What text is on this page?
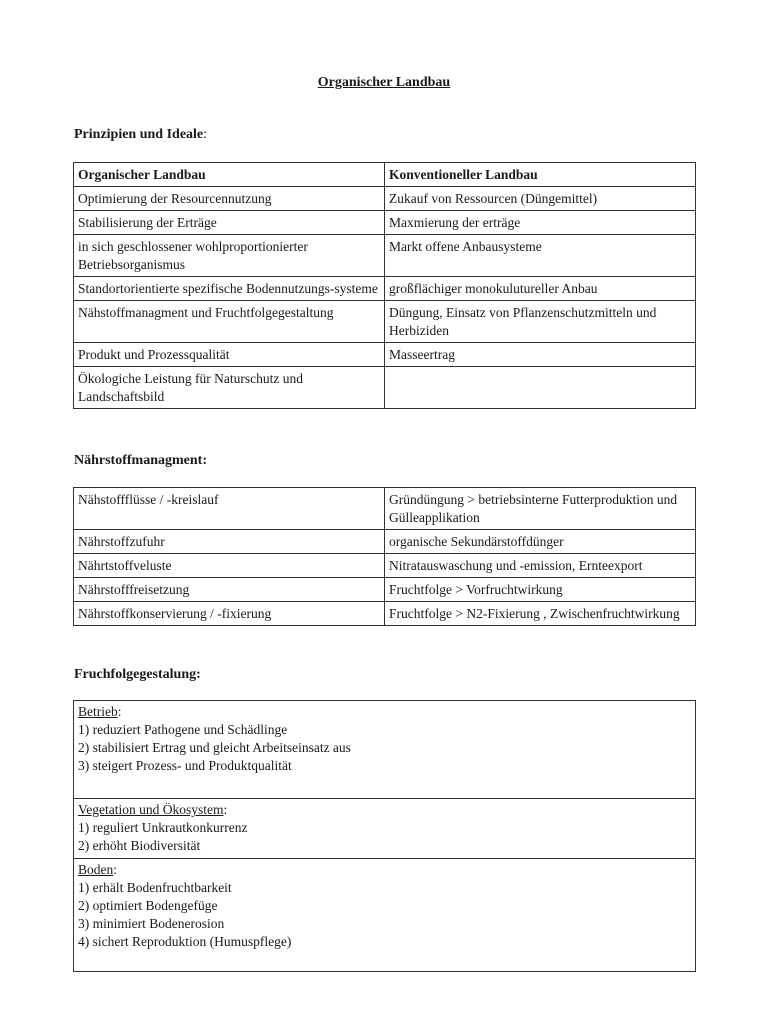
Organischer Landbau
Prinzipien und Ideale:
Organischer Landbau	Konventioneller Landbau
Optimierung der Resourcennutzung	Zukauf von Ressourcen (Düngemittel)
Stabilisierung der Erträge	Maxmierung der erträge
in sich geschlossener wohlproportionierter Betriebsorganismus	Markt offene Anbausysteme
Standortorientierte spezifische Bodennutzungs-systeme	großflächiger monokulutureller Anbau
Nähstoffmanagment und Fruchtfolgegestaltung	Düngung, Einsatz von Pflanzenschutzmitteln und Herbiziden
Produkt und Prozessqualität	Masseertrag
Ökologiche Leistung für Naturschutz und Landschaftsbild	
Nährstoffmanagment:
Nähstoffflüsse / -kreislauf	Gründüngung > betriebsinterne Futterproduktion und Gülleapplikation
Nährstoffzufuhr	organische Sekundärstoffdünger
Nährtstoffveluste	Nitratauswaschung und -emission, Ernteexport
Nährstofffreisetzung	Fruchtfolge > Vorfruchtwirkung
Nährstoffkonservierung / -fixierung	Fruchtfolge > N2-Fixierung , Zwischenfruchtwirkung
Fruchfolgegestalung:
Betrieb:
1) reduziert Pathogene und Schädlinge
2) stabilisiert Ertrag und gleicht Arbeitseinsatz aus
3) steigert Prozess- und Produktqualität
Vegetation und Ökosystem:
1) reguliert Unkrautkonkurrenz
2) erhöht Biodiversität
Boden:
1) erhält Bodenfruchtbarkeit
2) optimiert Bodengefüge
3) minimiert Bodenerosion
4) sichert Reproduktion (Humuspflege)
